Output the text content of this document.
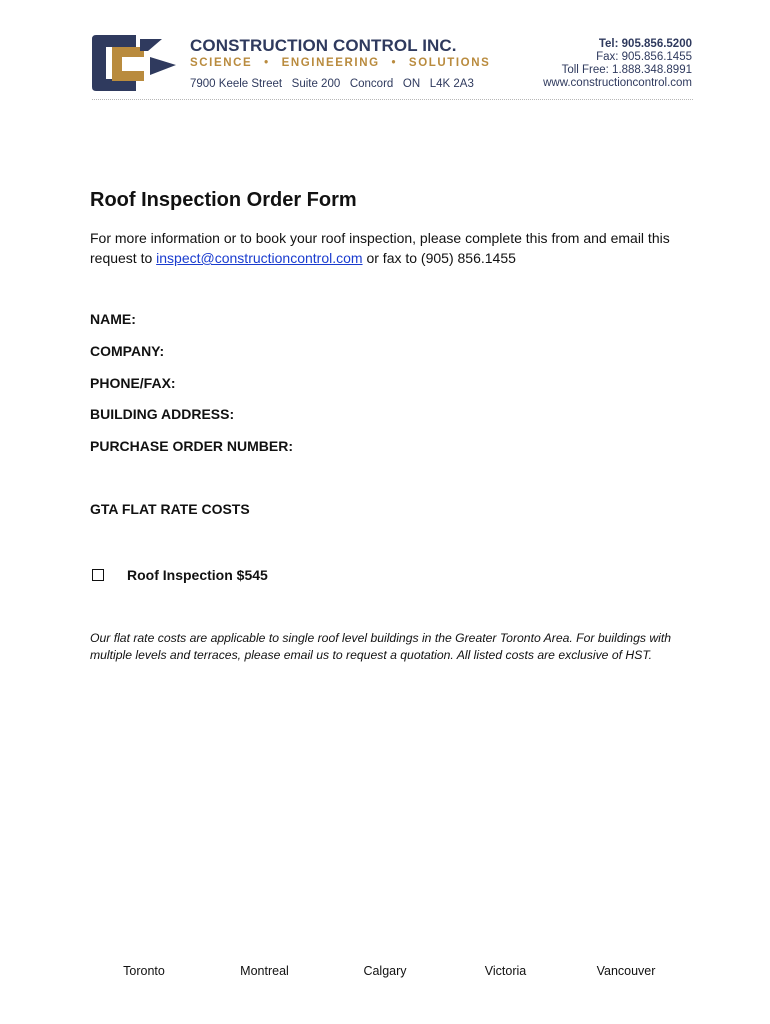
CONSTRUCTION CONTROL INC.
SCIENCE • ENGINEERING • SOLUTIONS
7900 Keele Street   Suite 200   Concord   ON   L4K 2A3
Tel: 905.856.5200
Fax: 905.856.1455
Toll Free: 1.888.348.8991
www.constructioncontrol.com
Roof Inspection Order Form
For more information or to book your roof inspection, please complete this from and email this request to inspect@constructioncontrol.com or fax to (905) 856.1455
NAME:
COMPANY:
PHONE/FAX:
BUILDING ADDRESS:
PURCHASE ORDER NUMBER:
GTA FLAT RATE COSTS
Roof Inspection $545
Our flat rate costs are applicable to single roof level buildings in the Greater Toronto Area. For buildings with multiple levels and terraces, please email us to request a quotation. All listed costs are exclusive of HST.
Toronto	Montreal	Calgary	Victoria	Vancouver
